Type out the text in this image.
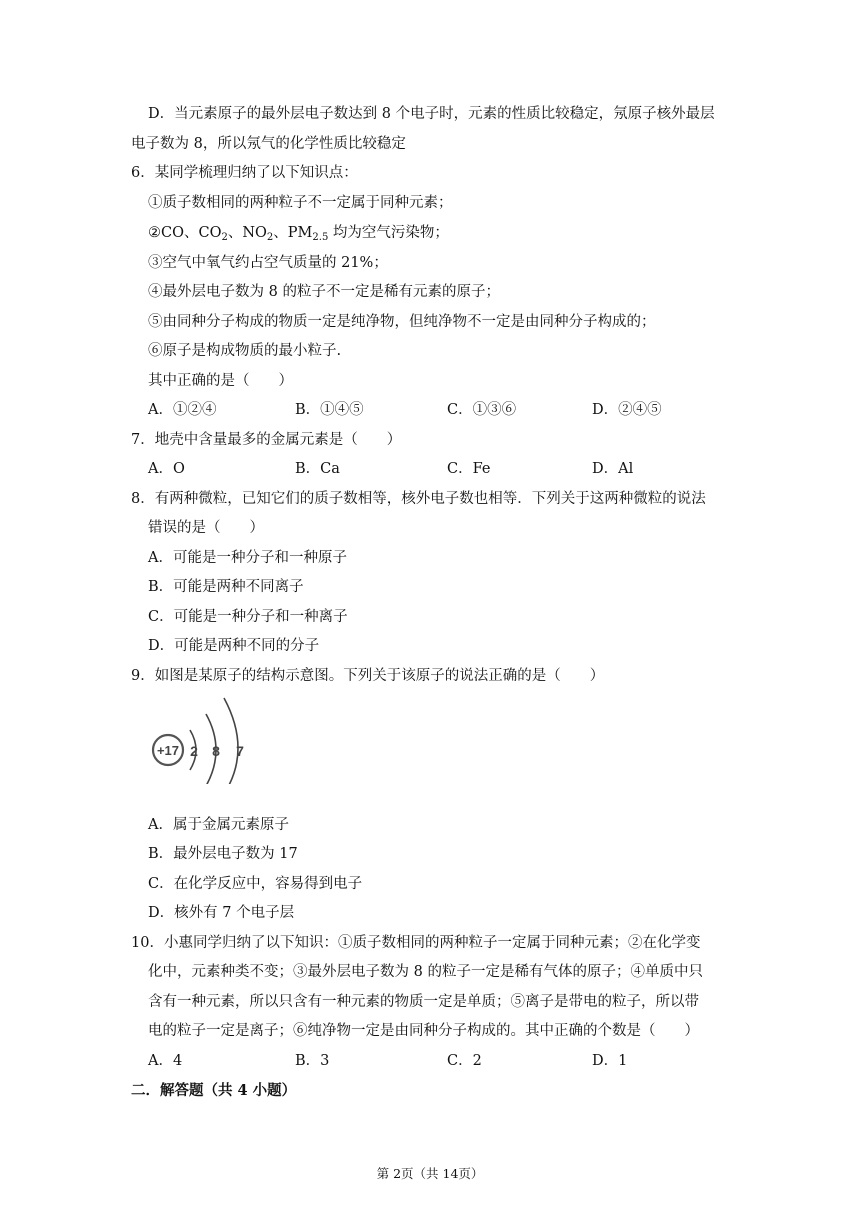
D．当元素原子的最外层电子数达到 8 个电子时，元素的性质比较稳定，氖原子核外最层
电子数为 8，所以氖气的化学性质比较稳定
6．某同学梳理归纳了以下知识点：
①质子数相同的两种粒子不一定属于同种元素；
②CO、$CO_2$、$NO_2$、$PM_{2.5}$ 均为空气污染物；
③空气中氧气约占空气质量的 21%；
④最外层电子数为 8 的粒子不一定是稀有元素的原子；
⑤由同种分子构成的物质一定是纯净物，但纯净物不一定是由同种分子构成的；
⑥原子是构成物质的最小粒子.
其中正确的是（　　）
A．①②④	B．①④⑤	C．①③⑥	D．②④⑤
7．地壳中含量最多的金属元素是（　　）
A．O	B．Ca	C．Fe	D．Al
8．有两种微粒，已知它们的质子数相等，核外电子数也相等．下列关于这两种微粒的说法
错误的是（　　）
A．可能是一种分子和一种原子
B．可能是两种不同离子
C．可能是一种分子和一种离子
D．可能是两种不同的分子
9．如图是某原子的结构示意图。下列关于该原子的说法正确的是（　　）
+17 2 8 7
A．属于金属元素原子
B．最外层电子数为 17
C．在化学反应中，容易得到电子
D．核外有 7 个电子层
10．小惠同学归纳了以下知识：①质子数相同的两种粒子一定属于同种元素；②在化学变
化中，元素种类不变；③最外层电子数为 8 的粒子一定是稀有气体的原子；④单质中只
含有一种元素，所以只含有一种元素的物质一定是单质；⑤离子是带电的粒子，所以带
电的粒子一定是离子；⑥纯净物一定是由同种分子构成的。其中正确的个数是（　　）
A．4	B．3	C．2	D．1
二．解答题（共 4 小题）
第 2页（共 14页）
